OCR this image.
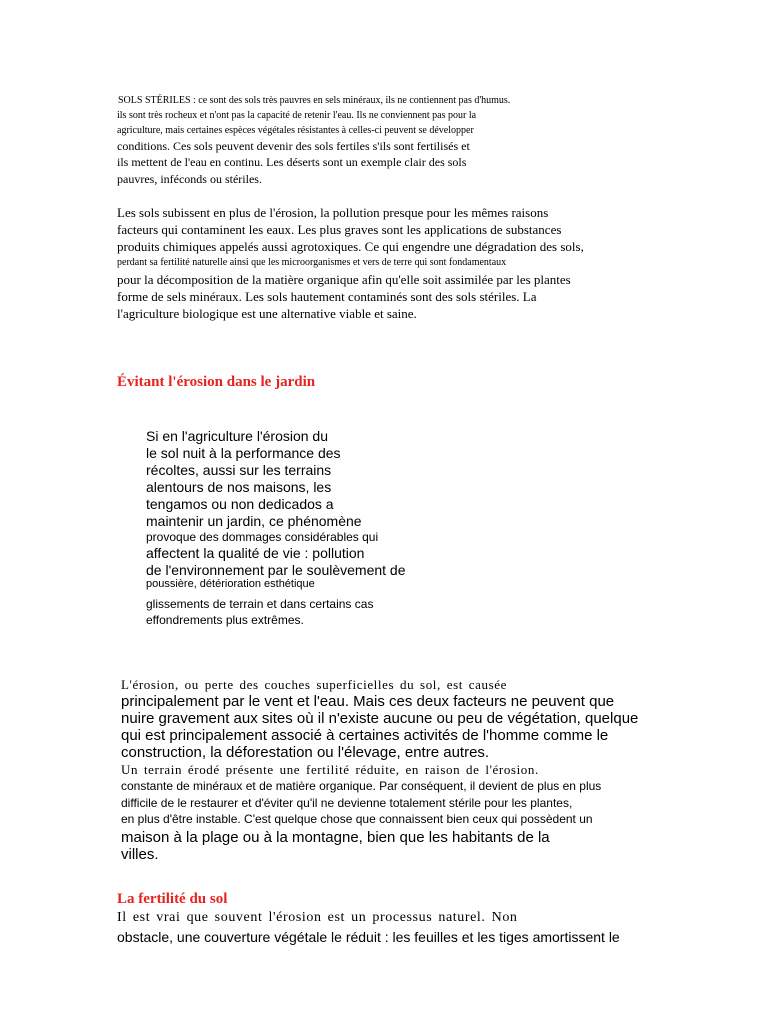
SOLS STÉRILES : ce sont des sols très pauvres en sels minéraux, ils ne contiennent pas d'humus.

ils sont très rocheux et n'ont pas la capacité de retenir l'eau. Ils ne conviennent pas pour la

agriculture, mais certaines espèces végétales résistantes à celles-ci peuvent se développer

conditions. Ces sols peuvent devenir des sols fertiles s'ils sont fertilisés et

ils mettent de l'eau en continu. Les déserts sont un exemple clair des sols

pauvres, inféconds ou stériles.

Les sols subissent en plus de l'érosion, la pollution presque pour les mêmes raisons

facteurs qui contaminent les eaux. Les plus graves sont les applications de substances

produits chimiques appelés aussi agrotoxiques. Ce qui engendre une dégradation des sols,

perdant sa fertilité naturelle ainsi que les microorganismes et vers de terre qui sont fondamentaux

pour la décomposition de la matière organique afin qu'elle soit assimilée par les plantes

forme de sels minéraux. Les sols hautement contaminés sont des sols stériles. La

l'agriculture biologique est une alternative viable et saine.

Évitant l'érosion dans le jardin

Si en l'agriculture l'érosion du

le sol nuit à la performance des

récoltes, aussi sur les terrains

alentours de nos maisons, les

tengamos ou non dedicados a

maintenir un jardin, ce phénomène

provoque des dommages considérables qui

affectent la qualité de vie : pollution

de l'environnement par le soulèvement de

poussière, détérioration esthétique

glissements de terrain et dans certains cas

effondrements plus extrêmes.

L'érosion, ou perte des couches superficielles du sol, est causée

principalement par le vent et l'eau. Mais ces deux facteurs ne peuvent que

nuire gravement aux sites où il n'existe aucune ou peu de végétation, quelque

qui est principalement associé à certaines activités de l'homme comme le

construction, la déforestation ou l'élevage, entre autres.

Un terrain érodé présente une fertilité réduite, en raison de l'érosion.

constante de minéraux et de matière organique. Par conséquent, il devient de plus en plus

difficile de le restaurer et d'éviter qu'il ne devienne totalement stérile pour les plantes,

en plus d'être instable. C'est quelque chose que connaissent bien ceux qui possèdent un

maison à la plage ou à la montagne, bien que les habitants de la

villes.

La fertilité du sol

Il est vrai que souvent l'érosion est un processus naturel. Non

obstacle, une couverture végétale le réduit : les feuilles et les tiges amortissent le
